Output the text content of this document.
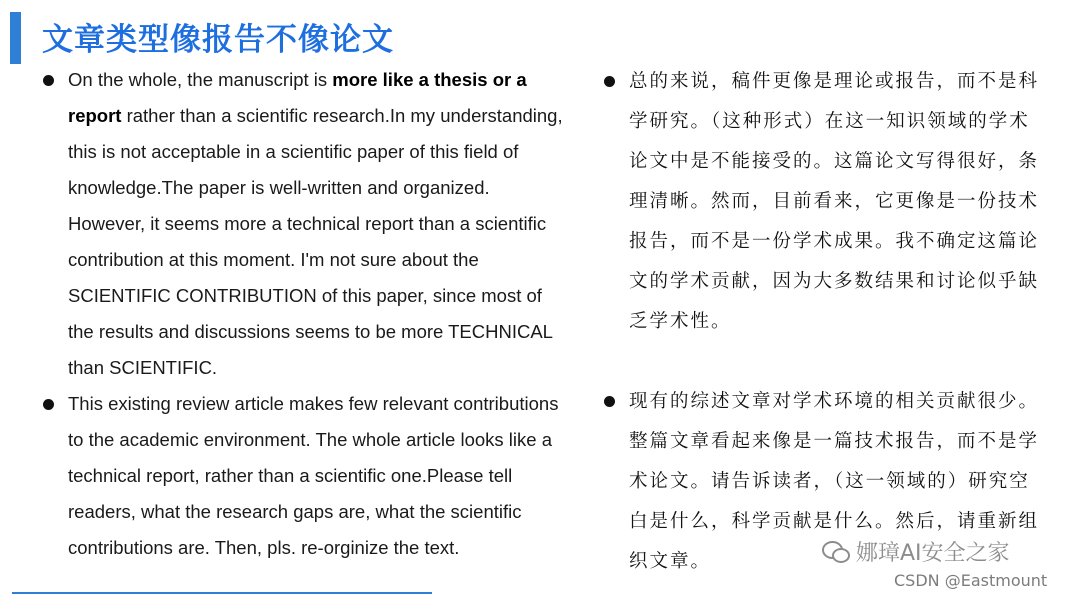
文章类型像报告不像论文
On the whole, the manuscript is more like a thesis or a report rather than a scientific research.In my understanding, this is not acceptable in a scientific paper of this field of knowledge.The paper is well-written and organized. However, it seems more a technical report than a scientific contribution at this moment. I'm not sure about the SCIENTIFIC CONTRIBUTION of this paper, since most of the results and discussions seems to be more TECHNICAL than SCIENTIFIC.
This existing review article makes few relevant contributions to the academic environment. The whole article looks like a technical report, rather than a scientific one.Please tell readers, what the research gaps are, what the scientific contributions are. Then, pls. re-orginize the text.
总的来说，稿件更像是理论或报告，而不是科学研究。（这种形式）在这一知识领域的学术论文中是不能接受的。这篇论文写得很好，条理清晰。然而，目前看来，它更像是一份技术报告，而不是一份学术成果。我不确定这篇论文的学术贡献，因为大多数结果和讨论似乎缺乏学术性。
现有的综述文章对学术环境的相关贡献很少。整篇文章看起来像是一篇技术报告，而不是学术论文。请告诉读者，（这一领域的）研究空白是什么，科学贡献是什么。然后，请重新组织文章。	娜璋AI安全之家
CSDN @Eastmount
